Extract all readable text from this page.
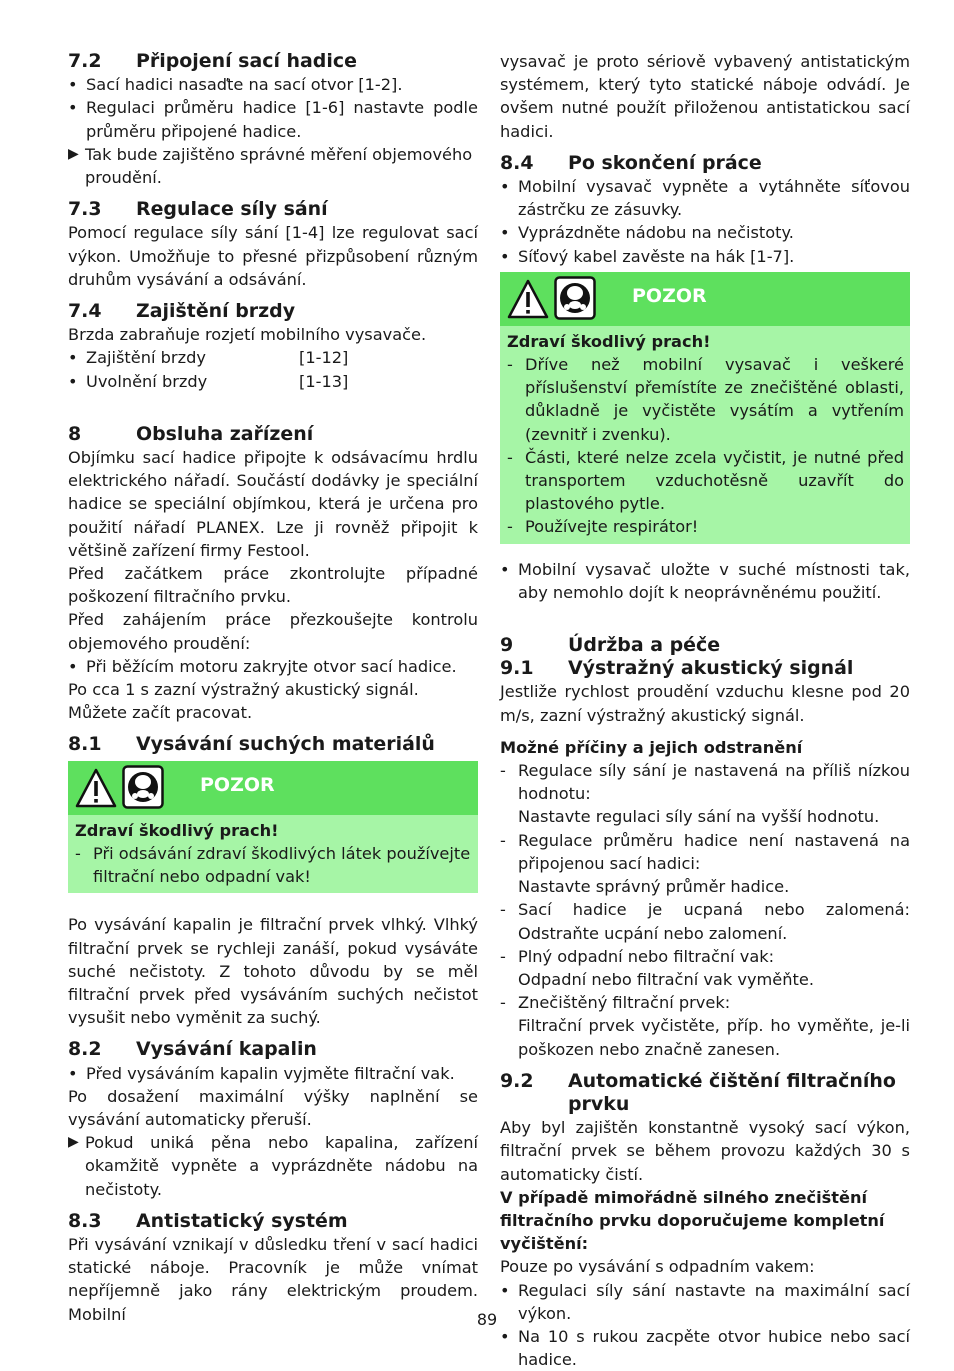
7.2	Připojení sací hadice
• Sací hadici nasaďte na sací otvor [1-2].
• Regulaci průměru hadice [1-6] nastavte podle průměru připojené hadice.
▶ Tak bude zajištěno správné měření objemového proudění.
7.3	Regulace síly sání

Pomocí regulace síly sání [1-4] lze regulovat sací výkon. Umožňuje to přesné přizpůsobení různým druhům vysávání a odsávání.

7.4	Zajištění brzdy

Brzda zabraňuje rozjetí mobilního vysavače.

• Zajištění brzdy	[1-12]
• Uvolnění brzdy	[1-13]
8	Obsluha zařízení

Objímku sací hadice připojte k odsávacímu hrdlu elektrického nářadí. Součástí dodávky je speciální hadice se speciální objímkou, která je určena pro použití nářadí PLANEX. Lze ji rovněž připojit k většině zařízení firmy Festool.

Před začátkem práce zkontrolujte případné poškození filtračního prvku.

Před zahájením práce přezkoušejte kontrolu objemového proudění:

• Při běžícím motoru zakryjte otvor sací hadice.

Po cca 1 s zazní výstražný akustický signál.

Můžete začít pracovat.

8.1	Vysávání suchých materiálů
POZOR

Zdraví škodlivý prach!

- Při odsávání zdraví škodlivých látek používejte filtrační nebo odpadní vak!

Po vysávání kapalin je filtrační prvek vlhký. Vlhký filtrační prvek se rychleji zanáší, pokud vysáváte suché nečistoty. Z tohoto důvodu by se měl filtrační prvek před vysáváním suchých nečistot vysušit nebo vyměnit za suchý.

8.2	Vysávání kapalin
• Před vysáváním kapalin vyjměte filtrační vak.

Po dosažení maximální výšky naplnění se vysávání automaticky přeruší.

▶ Pokud uniká pěna nebo kapalina, zařízení okamžitě vypněte a vyprázdněte nádobu na nečistoty.
8.3	Antistatický systém

Při vysávání vznikají v důsledku tření v sací hadici statické náboje. Pracovník je může vnímat nepříjemně jako rány elektrickým proudem. Mobilní

vysavač je proto sériově vybavený antistatickým systémem, který tyto statické náboje odvádí. Je ovšem nutné použít přiloženou antistatickou sací hadici.

8.4	Po skončení práce
• Mobilní vysavač vypněte a vytáhněte síťovou zástrčku ze zásuvky.
• Vyprázdněte nádobu na nečistoty.
• Síťový kabel zavěste na hák [1-7].
POZOR

Zdraví škodlivý prach!

- Dříve než mobilní vysavač i veškeré příslušenství přemístíte ze znečištěné oblasti, důkladně je vyčistěte vysátím a vytřením (zevnitř i zvenku).
- Části, které nelze zcela vyčistit, je nutné před transportem vzduchotěsně uzavřít do plastového pytle.
- Používejte respirátor!
• Mobilní vysavač uložte v suché místnosti tak, aby nemohlo dojít k neoprávněnému použití.
9	Údržba a péče
9.1	Výstražný akustický signál

Jestliže rychlost proudění vzduchu klesne pod 20 m/s, zazní výstražný akustický signál.

Možné příčiny a jejich odstranění

- Regulace síly sání je nastavená na příliš nízkou hodnotu:
Nastavte regulaci síly sání na vyšší hodnotu.
- Regulace průměru hadice není nastavená na připojenou sací hadici:
Nastavte správný průměr hadice.
- Sací hadice je ucpaná nebo zalomená: Odstraňte ucpání nebo zalomení.
- Plný odpadní nebo filtrační vak:
Odpadní nebo filtrační vak vyměňte.
- Znečištěný filtrační prvek:
Filtrační prvek vyčistěte, příp. ho vyměňte, je-li poškozen nebo značně zanesen.
9.2	Automatické čištění filtračního prvku

Aby byl zajištěn konstantně vysoký sací výkon, filtrační prvek se během provozu každých 30 s automaticky čistí.

V případě mimořádně silného znečištění filtračního prvku doporučujeme kompletní vyčištění:

Pouze po vysávání s odpadním vakem:

• Regulaci síly sání nastavte na maximální sací výkon.
• Na 10 s rukou zacpěte otvor hubice nebo sací hadice.
89
